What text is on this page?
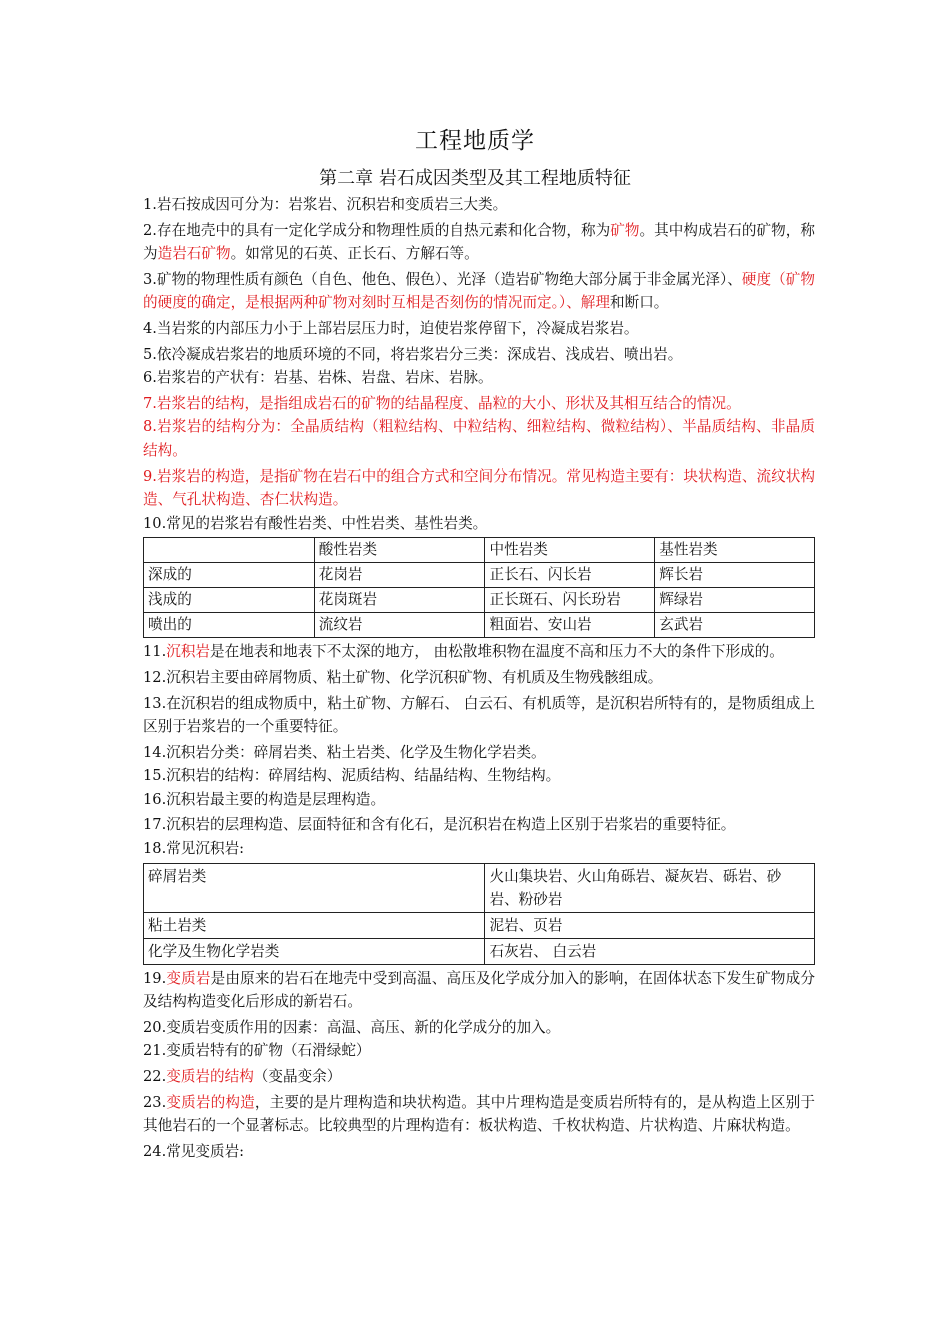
工程地质学
第二章 岩石成因类型及其工程地质特征

1.岩石按成因可分为：岩浆岩、沉积岩和变质岩三大类。

2.存在地壳中的具有一定化学成分和物理性质的自热元素和化合物，称为矿物。其中构成岩石的矿物，称为造岩石矿物。如常见的石英、正长石、方解石等。

3.矿物的物理性质有颜色（自色、他色、假色）、光泽（造岩矿物绝大部分属于非金属光泽）、硬度（矿物的硬度的确定，是根据两种矿物对刻时互相是否刻伤的情况而定。）、解理和断口。

4.当岩浆的内部压力小于上部岩层压力时，迫使岩浆停留下，冷凝成岩浆岩。

5.依冷凝成岩浆岩的地质环境的不同，将岩浆岩分三类：深成岩、浅成岩、喷出岩。

6.岩浆岩的产状有：岩基、岩株、岩盘、岩床、岩脉。

7.岩浆岩的结构，是指组成岩石的矿物的结晶程度、晶粒的大小、形状及其相互结合的情况。

8.岩浆岩的结构分为：全晶质结构（粗粒结构、中粒结构、细粒结构、微粒结构）、半晶质结构、非晶质结构。

9.岩浆岩的构造，是指矿物在岩石中的组合方式和空间分布情况。常见构造主要有：块状构造、流纹状构造、气孔状构造、杏仁状构造。

10.常见的岩浆岩有酸性岩类、中性岩类、基性岩类。

	酸性岩类	中性岩类	基性岩类
深成的	花岗岩	正长石、闪长岩	辉长岩
浅成的	花岗斑岩	正长斑石、闪长玢岩	辉绿岩
喷出的	流纹岩	粗面岩、安山岩	玄武岩

11.沉积岩是在地表和地表下不太深的地方， 由松散堆积物在温度不高和压力不大的条件下形成的。

12.沉积岩主要由碎屑物质、粘土矿物、化学沉积矿物、有机质及生物残骸组成。

13.在沉积岩的组成物质中，粘土矿物、方解石、 白云石、有机质等，是沉积岩所特有的，是物质组成上区别于岩浆岩的一个重要特征。

14.沉积岩分类：碎屑岩类、粘土岩类、化学及生物化学岩类。

15.沉积岩的结构：碎屑结构、泥质结构、结晶结构、生物结构。

16.沉积岩最主要的构造是层理构造。

17.沉积岩的层理构造、层面特征和含有化石，是沉积岩在构造上区别于岩浆岩的重要特征。

18.常见沉积岩:

碎屑岩类	火山集块岩、火山角砾岩、凝灰岩、砾岩、砂岩、粉砂岩
粘土岩类	泥岩、页岩
化学及生物化学岩类	石灰岩、 白云岩

19.变质岩是由原来的岩石在地壳中受到高温、高压及化学成分加入的影响，在固体状态下发生矿物成分及结构构造变化后形成的新岩石。

20.变质岩变质作用的因素：高温、高压、新的化学成分的加入。

21.变质岩特有的矿物（石滑绿蛇）

22.变质岩的结构（变晶变余）

23.变质岩的构造，主要的是片理构造和块状构造。其中片理构造是变质岩所特有的，是从构造上区别于其他岩石的一个显著标志。比较典型的片理构造有：板状构造、千枚状构造、片状构造、片麻状构造。

24.常见变质岩:
